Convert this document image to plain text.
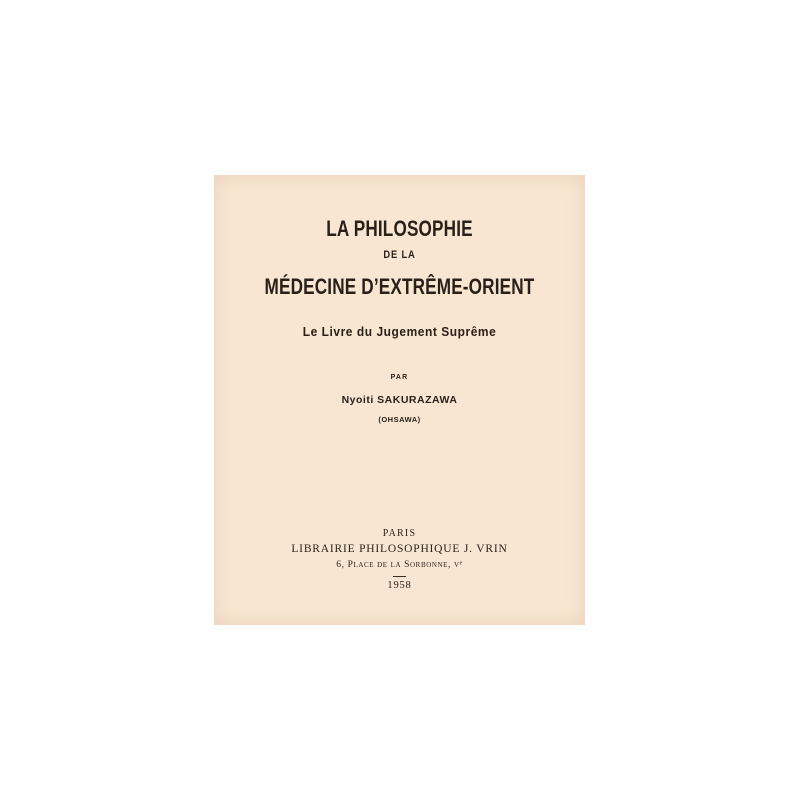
LA PHILOSOPHIE
DE LA
MÉDECINE D’EXTRÊME-ORIENT
Le Livre du Jugement Suprême
PAR
Nyoiti SAKURAZAWA
(OHSAWA)
PARIS
LIBRAIRIE PHILOSOPHIQUE J. VRIN
6, Place de la Sorbonne, vᵉ
1958
